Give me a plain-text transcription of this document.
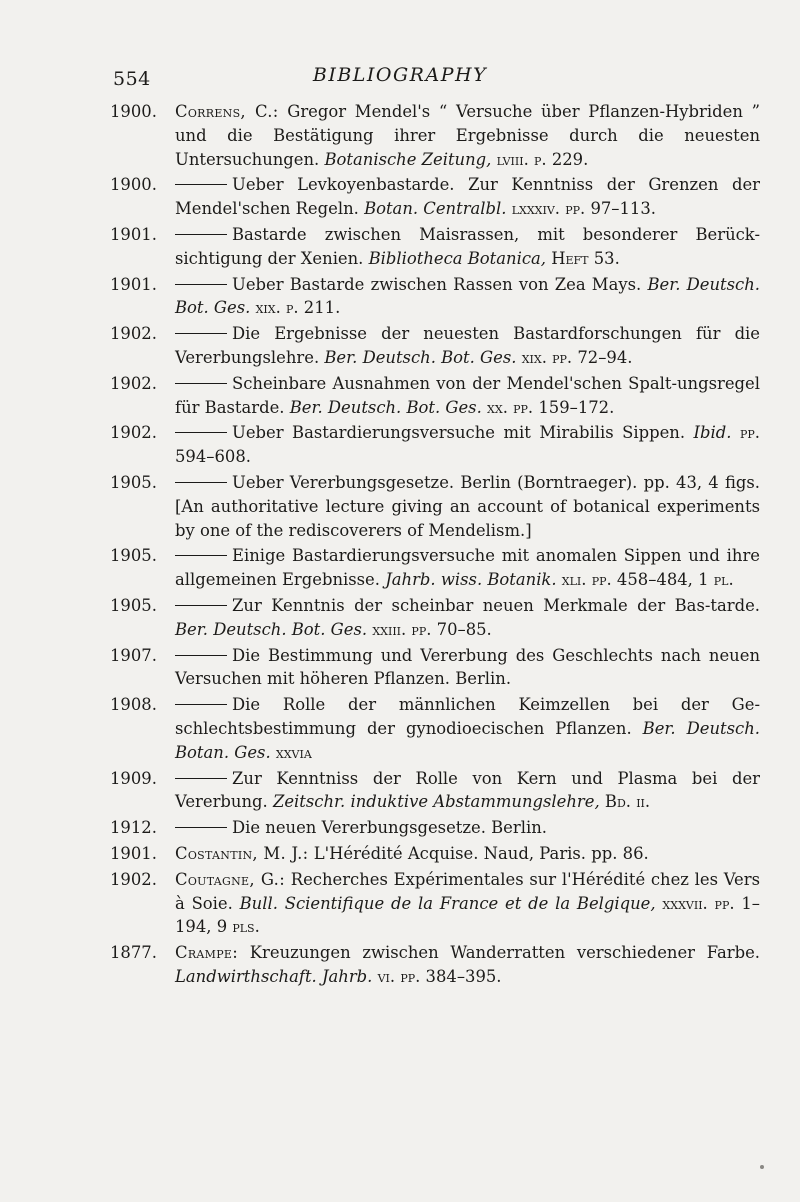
554	BIBLIOGRAPHY
1900. Correns, C.: Gregor Mendel's “ Versuche über Pflanzen-Hybriden ” und die Bestätigung ihrer Ergebnisse durch die neuesten Untersuchungen. Botanische Zeitung, lviii. p. 229.
1900.	Ueber Levkoyenbastarde. Zur Kenntniss der Grenzen der Mendel'schen Regeln. Botan. Centralbl. lxxxiv. pp. 97–113.
1901.	Bastarde zwischen Maisrassen, mit besonderer Berück-sichtigung der Xenien. Bibliotheca Botanica, Heft 53.
1901.	Ueber Bastarde zwischen Rassen von Zea Mays. Ber. Deutsch. Bot. Ges. xix. p. 211.
1902.	Die Ergebnisse der neuesten Bastardforschungen für die Vererbungslehre. Ber. Deutsch. Bot. Ges. xix. pp. 72–94.
1902.	Scheinbare Ausnahmen von der Mendel'schen Spalt-ungsregel für Bastarde. Ber. Deutsch. Bot. Ges. xx. pp. 159–172.
1902.	Ueber Bastardierungsversuche mit Mirabilis Sippen. Ibid. pp. 594–608.
1905.	Ueber Vererbungsgesetze. Berlin (Borntraeger). pp. 43, 4 figs. [An authoritative lecture giving an account of botanical experiments by one of the rediscoverers of Mendelism.]
1905.	Einige Bastardierungsversuche mit anomalen Sippen und ihre allgemeinen Ergebnisse. Jahrb. wiss. Botanik. xli. pp. 458–484, 1 pl.
1905.	Zur Kenntnis der scheinbar neuen Merkmale der Bas-tarde. Ber. Deutsch. Bot. Ges. xxiii. pp. 70–85.
1907.	Die Bestimmung und Vererbung des Geschlechts nach neuen Versuchen mit höheren Pflanzen. Berlin.
1908.	Die Rolle der männlichen Keimzellen bei der Ge-schlechtsbestimmung der gynodioecischen Pflanzen. Ber. Deutsch. Botan. Ges. xxvia
1909.	Zur Kenntniss der Rolle von Kern und Plasma bei der Vererbung. Zeitschr. induktive Abstammungslehre, Bd. ii.
1912.	Die neuen Vererbungsgesetze. Berlin.
1901. Costantin, M. J.: L'Hérédité Acquise. Naud, Paris. pp. 86.
1902. Coutagne, G.: Recherches Expérimentales sur l'Hérédité chez les Vers à Soie. Bull. Scientifique de la France et de la Belgique, xxxvii. pp. 1–194, 9 pls.
1877. Crampe: Kreuzungen zwischen Wanderratten verschiedener Farbe. Landwirthschaft. Jahrb. vi. pp. 384–395.
